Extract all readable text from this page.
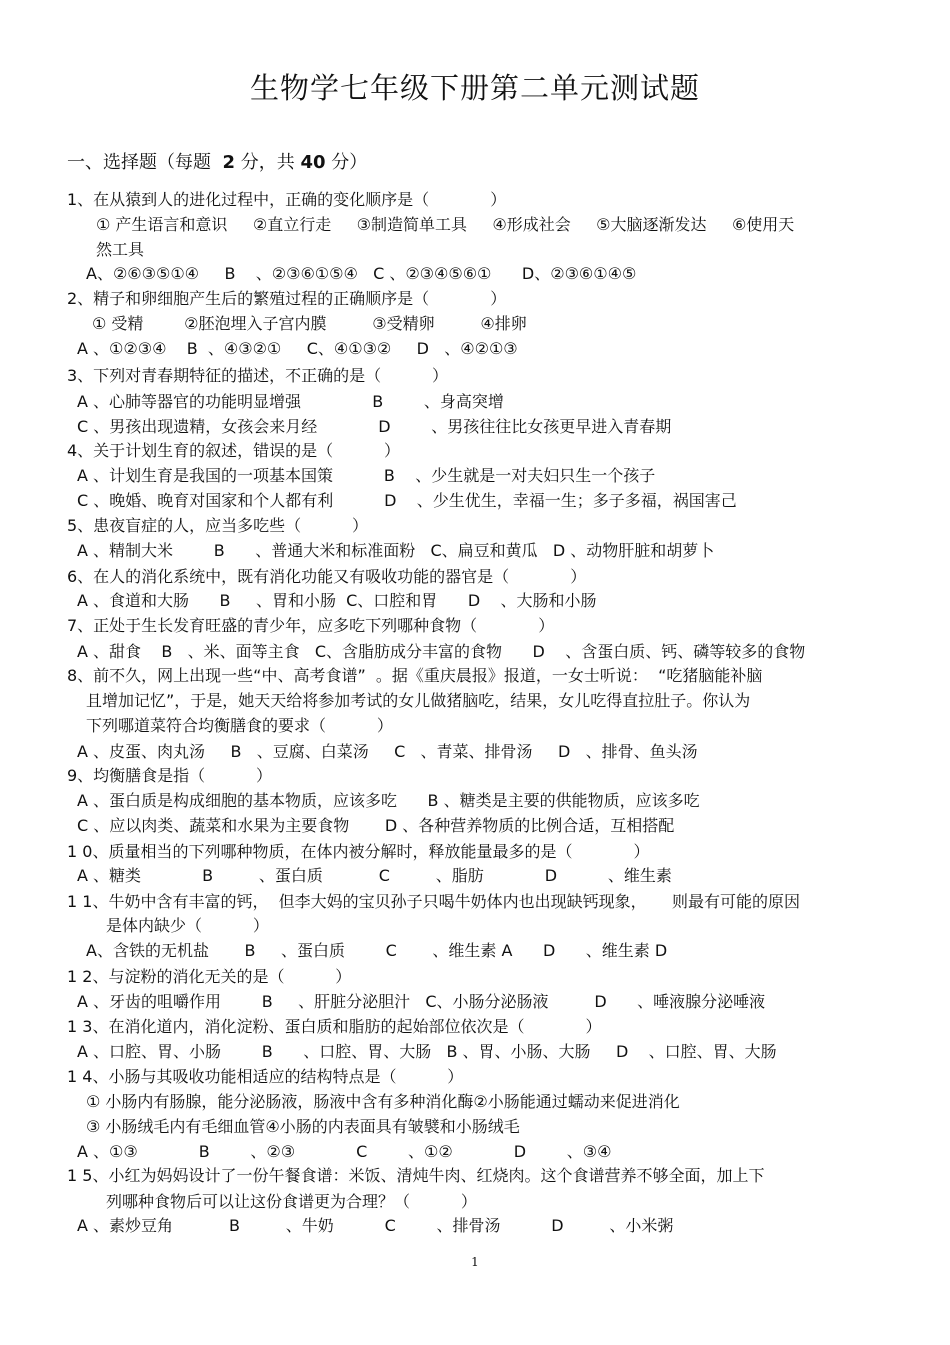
生物学七年级下册第二单元测试题
一、选择题（每题  2 分，共 40 分）
1、在从猿到人的进化过程中，正确的变化顺序是（            ）
① 产生语言和意识     ②直立行走     ③制造简单工具     ④形成社会     ⑤大脑逐渐发达     ⑥使用天
然工具
A、②⑥③⑤①④     B    、②③⑥①⑤④   C 、②③④⑤⑥①      D、②③⑥①④⑤
2、精子和卵细胞产生后的繁殖过程的正确顺序是（            ）
① 受精        ②胚泡埋入子宫内膜         ③受精卵         ④排卵
A 、①②③④    B  、④③②①     C、④①③②     D   、④②①③
3、下列对青春期特征的描述，不正确的是（          ）
A 、心肺等器官的功能明显增强              B        、身高突增
C 、男孩出现遗精，女孩会来月经            D        、男孩往往比女孩更早进入青春期
4、关于计划生育的叙述，错误的是（          ）
A 、计划生育是我国的一项基本国策          B    、少生就是一对夫妇只生一个孩子
C 、晚婚、晚育对国家和个人都有利          D    、少生优生，幸福一生；多子多福，祸国害己
5、患夜盲症的人，应当多吃些（          ）
A 、精制大米        B      、普通大米和标准面粉   C、扁豆和黄瓜   D 、动物肝脏和胡萝卜
6、在人的消化系统中，既有消化功能又有吸收功能的器官是（            ）
A 、食道和大肠      B     、胃和小肠  C、口腔和胃      D    、大肠和小肠
7、正处于生长发育旺盛的青少年，应多吃下列哪种食物（            ）
A 、甜食    B   、米、面等主食   C、含脂肪成分丰富的食物      D    、含蛋白质、钙、磷等较多的食物
8、前不久，网上出现一些“中、高考食谱”  。据《重庆晨报》报道，一女士听说：  “吃猪脑能补脑
且增加记忆”，于是，她天天给将参加考试的女儿做猪脑吃，结果，女儿吃得直拉肚子。你认为
下列哪道菜符合均衡膳食的要求（          ）
A 、皮蛋、肉丸汤     B   、豆腐、白菜汤     C   、青菜、排骨汤     D   、排骨、鱼头汤
9、均衡膳食是指（          ）
A 、蛋白质是构成细胞的基本物质，应该多吃      B 、糖类是主要的供能物质，应该多吃
C 、应以肉类、蔬菜和水果为主要食物       D 、各种营养物质的比例合适，互相搭配
1 0、质量相当的下列哪种物质，在体内被分解时，释放能量最多的是（            ）
A 、糖类            B         、蛋白质           C         、脂肪            D          、维生素
1 1、牛奶中含有丰富的钙，  但李大妈的宝贝孙子只喝牛奶体内也出现缺钙现象，     则最有可能的原因
是体内缺少（          ）
A、含铁的无机盐       B     、蛋白质        C       、维生素 A      D      、维生素 D
1 2、与淀粉的消化无关的是（          ）
A 、牙齿的咀嚼作用        B     、肝脏分泌胆汁   C、小肠分泌肠液         D      、唾液腺分泌唾液
1 3、在消化道内，消化淀粉、蛋白质和脂肪的起始部位依次是（            ）
A 、口腔、胃、小肠        B      、口腔、胃、大肠   B 、胃、小肠、大肠     D    、口腔、胃、大肠
1 4、小肠与其吸收功能相适应的结构特点是（          ）
① 小肠内有肠腺，能分泌肠液，肠液中含有多种消化酶②小肠能通过蠕动来促进消化
③ 小肠绒毛内有毛细血管④小肠的内表面具有皱襞和小肠绒毛
A 、①③            B        、②③            C        、①②            D        、③④
1 5、小红为妈妈设计了一份午餐食谱：米饭、清炖牛肉、红烧肉。这个食谱营养不够全面，加上下
列哪种食物后可以让这份食谱更为合理？（          ）
A 、素炒豆角           B         、牛奶          C        、排骨汤          D         、小米粥
1
